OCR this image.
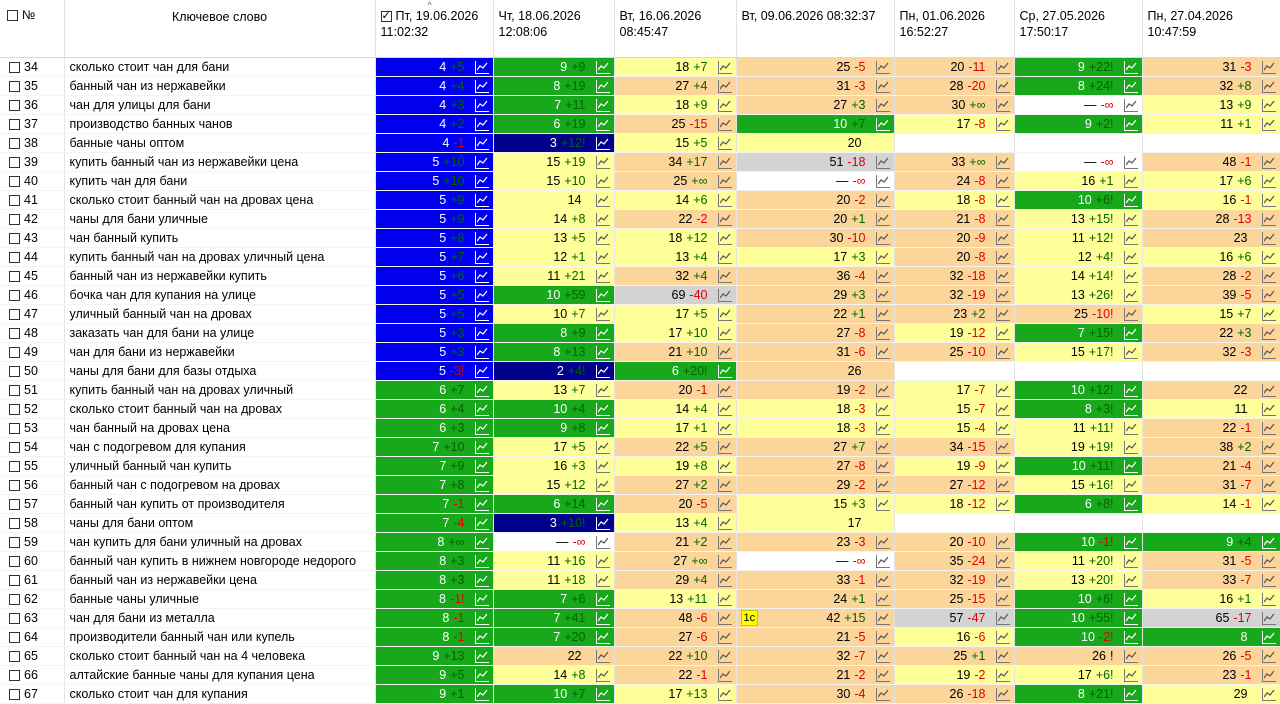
№	Ключевое слово	^
✓Пт, 19.06.2026
11:02:32	Чт, 18.06.2026
12:08:06	Вт, 16.06.2026
08:45:47	Вт, 09.06.2026 08:32:37	Пн, 01.06.2026
16:52:27	Ср, 27.05.2026
17:50:17	Пн, 27.04.2026
10:47:59
34	сколько стоит чан для бани	4 +5	9 +9	18 +7	25 -5	20 -11	9 +22!	31 -3

35	банный чан из нержавейки	4 +4	8 +19	27 +4	31 -3	28 -20	8 +24!	32 +8

36	чан для улицы для бани	4 +3	7 +11	18 +9	27 +3	30 +∞	— -∞	13 +9

37	производство банных чанов	4 +2	6 +19	25 -15	10 +7	17 -8	9 +2!	11 +1

38	банные чаны оптом	4 -1	3 +12!	15 +5	20			

39	купить банный чан из нержавейки цена	5 +10	15 +19	34 +17	51 -18	33 +∞	— -∞	48 -1

40	купить чан для бани	5 +10	15 +10	25 +∞	— -∞	24 -8	16 +1	17 +6

41	сколько стоит банный чан на дровах цена	5 +9	14	14 +6	20 -2	18 -8	10 +6!	16 -1

42	чаны для бани уличные	5 +9	14 +8	22 -2	20 +1	21 -8	13 +15!	28 -13

43	чан банный купить	5 +8	13 +5	18 +12	30 -10	20 -9	11 +12!	23

44	купить банный чан на дровах уличный цена	5 +7	12 +1	13 +4	17 +3	20 -8	12 +4!	16 +6

45	банный чан из нержавейки купить	5 +6	11 +21	32 +4	36 -4	32 -18	14 +14!	28 -2

46	бочка чан для купания на улице	5 +5	10 +59	69 -40	29 +3	32 -19	13 +26!	39 -5

47	уличный банный чан на дровах	5 +5	10 +7	17 +5	22 +1	23 +2	25 -10!	15 +7

48	заказать чан для бани на улице	5 +3	8 +9	17 +10	27 -8	19 -12	7 +15!	22 +3

49	чан для бани из нержавейки	5 +3	8 +13	21 +10	31 -6	25 -10	15 +17!	32 -3

50	чаны для бани для базы отдыха	5 -3!	2 +4!	6 +20!	26			

51	купить банный чан на дровах уличный	6 +7	13 +7	20 -1	19 -2	17 -7	10 +12!	22

52	сколько стоит банный чан на дровах	6 +4	10 +4	14 +4	18 -3	15 -7	8 +3!	11

53	чан банный на дровах цена	6 +3	9 +8	17 +1	18 -3	15 -4	11 +11!	22 -1

54	чан с подогревом для купания	7 +10	17 +5	22 +5	27 +7	34 -15	19 +19!	38 +2

55	уличный банный чан купить	7 +9	16 +3	19 +8	27 -8	19 -9	10 +11!	21 -4

56	банный чан с подогревом на дровах	7 +8	15 +12	27 +2	29 -2	27 -12	15 +16!	31 -7

57	банный чан купить от производителя	7 -1	6 +14	20 -5	15 +3	18 -12	6 +8!	14 -1

58	чаны для бани оптом	7 -4	3 +10!	13 +4	17			

59	чан купить для бани уличный на дровах	8 +∞	— -∞	21 +2	23 -3	20 -10	10 -1!	9 +4

60	банный чан купить в нижнем новгороде недорого	8 +3	11 +16	27 +∞	— -∞	35 -24	11 +20!	31 -5

61	банный чан из нержавейки цена	8 +3	11 +18	29 +4	33 -1	32 -19	13 +20!	33 -7

62	банные чаны уличные	8 -1!	7 +6	13 +11	24 +1	25 -15	10 +6!	16 +1

63	чан для бани из металла	8 -1	7 +41	48 -6	1c 42 +15	57 -47	10 +55!	65 -17

64	производители банный чан или купель	8 -1	7 +20	27 -6	21 -5	16 -6	10 -2!	8

65	сколько стоит банный чан на 4 человека	9 +13	22	22 +10	32 -7	25 +1	26 !	26 -5

66	алтайские банные чаны для купания цена	9 +5	14 +8	22 -1	21 -2	19 -2	17 +6!	23 -1

67	сколько стоит чан для купания	9 +1	10 +7	17 +13	30 -4	26 -18	8 +21!	29
